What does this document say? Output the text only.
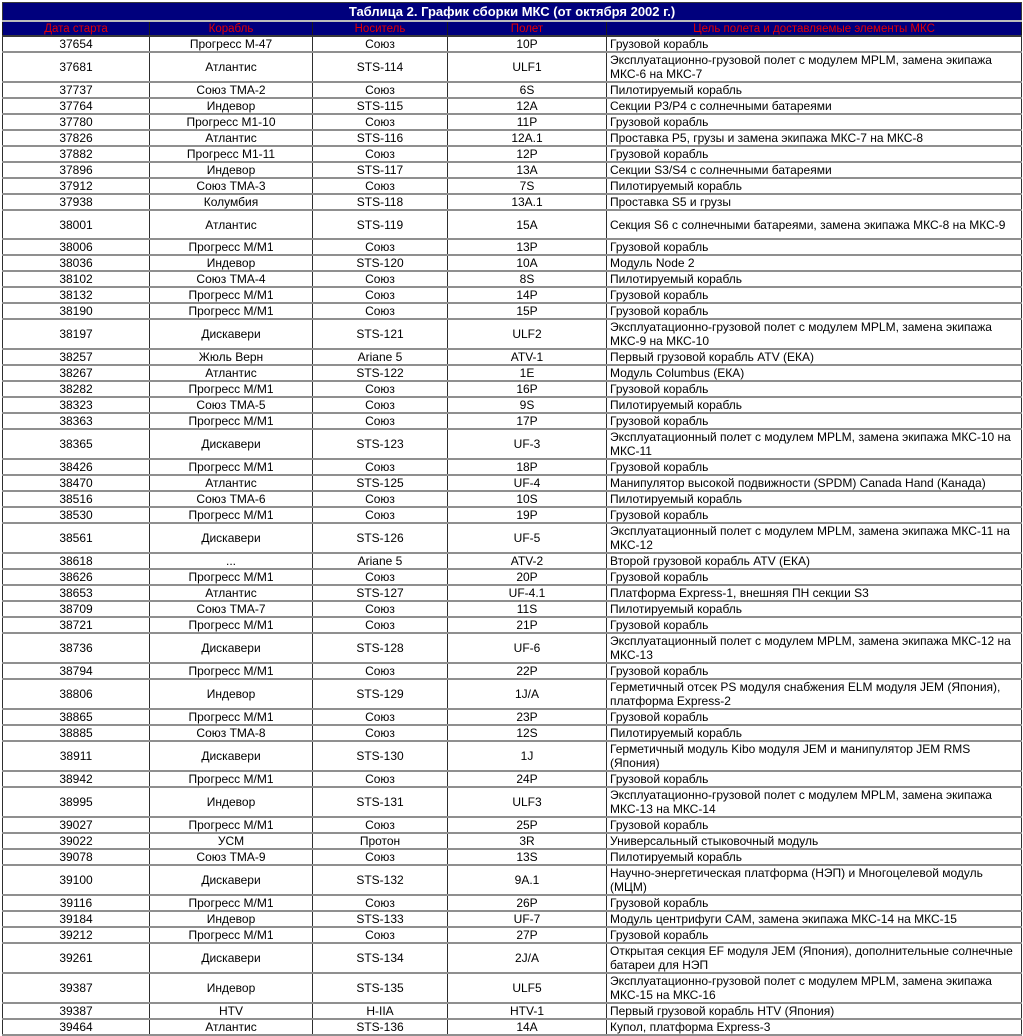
Таблица 2. График сборки МКС (от октября 2002 г.)				
Дата старта	Корабль	Носитель	Полет	Цель полета и доставляемые элементы МКС
37654	Прогресс М-47	Союз	10P	Грузовой корабль
37681	Атлантис	STS-114	ULF1	Эксплуатационно-грузовой полет с модулем MPLM, замена экипажа МКС-6 на МКС-7
37737	Союз ТМА-2	Союз	6S	Пилотируемый корабль
37764	Индевор	STS-115	12A	Секции P3/P4 с солнечными батареями
37780	Прогресс М1-10	Союз	11P	Грузовой корабль
37826	Атлантис	STS-116	12A.1	Проставка P5, грузы и замена экипажа МКС-7 на МКС-8
37882	Прогресс М1-11	Союз	12P	Грузовой корабль
37896	Индевор	STS-117	13A	Секции S3/S4 с солнечными батареями
37912	Союз ТМА-3	Союз	7S	Пилотируемый корабль
37938	Колумбия	STS-118	13A.1	Проставка S5 и грузы
38001	Атлантис	STS-119	15A	Секция S6 с солнечными батареями, замена экипажа МКС-8 на МКС-9
38006	Прогресс М/М1	Союз	13P	Грузовой корабль
38036	Индевор	STS-120	10A	Модуль Node 2
38102	Союз ТМА-4	Союз	8S	Пилотируемый корабль
38132	Прогресс М/М1	Союз	14P	Грузовой корабль
38190	Прогресс М/М1	Союз	15P	Грузовой корабль
38197	Дискавери	STS-121	ULF2	Эксплуатационно-грузовой полет с модулем MPLM, замена экипажа МКС-9 на МКС-10
38257	Жюль Верн	Ariane 5	ATV-1	Первый грузовой корабль ATV (ЕКА)
38267	Атлантис	STS-122	1E	Модуль Columbus (ЕКА)
38282	Прогресс М/М1	Союз	16P	Грузовой корабль
38323	Союз ТМА-5	Союз	9S	Пилотируемый корабль
38363	Прогресс М/М1	Союз	17P	Грузовой корабль
38365	Дискавери	STS-123	UF-3	Эксплуатационный полет с модулем MPLM, замена экипажа МКС-10 на МКС-11
38426	Прогресс М/М1	Союз	18P	Грузовой корабль
38470	Атлантис	STS-125	UF-4	Манипулятор высокой подвижности (SPDM) Canada Hand (Канада)
38516	Союз ТМА-6	Союз	10S	Пилотируемый корабль
38530	Прогресс М/М1	Союз	19P	Грузовой корабль
38561	Дискавери	STS-126	UF-5	Эксплуатационный полет с модулем MPLM, замена экипажа МКС-11 на МКС-12
38618	...	Ariane 5	ATV-2	Второй грузовой корабль ATV (ЕКА)
38626	Прогресс М/М1	Союз	20P	Грузовой корабль
38653	Атлантис	STS-127	UF-4.1	Платформа Express-1, внешняя ПН секции S3
38709	Союз ТМА-7	Союз	11S	Пилотируемый корабль
38721	Прогресс М/М1	Союз	21P	Грузовой корабль
38736	Дискавери	STS-128	UF-6	Эксплуатационный полет с модулем MPLM, замена экипажа МКС-12 на МКС-13
38794	Прогресс М/М1	Союз	22P	Грузовой корабль
38806	Индевор	STS-129	1J/A	Герметичный отсек PS модуля снабжения ELM модуля JEM (Япония), платформа Express-2
38865	Прогресс М/М1	Союз	23P	Грузовой корабль
38885	Союз ТМА-8	Союз	12S	Пилотируемый корабль
38911	Дискавери	STS-130	1J	Герметичный модуль Kibo модуля JEM и манипулятор JEM RMS (Япония)
38942	Прогресс М/М1	Союз	24P	Грузовой корабль
38995	Индевор	STS-131	ULF3	Эксплуатационно-грузовой полет с модулем MPLM, замена экипажа МКС-13 на МКС-14
39027	Прогресс М/М1	Союз	25P	Грузовой корабль
39022	УСМ	Протон	3R	Универсальный стыковочный модуль
39078	Союз ТМА-9	Союз	13S	Пилотируемый корабль
39100	Дискавери	STS-132	9A.1	Научно-энергетическая платформа (НЭП) и Многоцелевой модуль (МЦМ)
39116	Прогресс М/М1	Союз	26P	Грузовой корабль
39184	Индевор	STS-133	UF-7	Модуль центрифуги CAM, замена экипажа МКС-14 на МКС-15
39212	Прогресс М/М1	Союз	27P	Грузовой корабль
39261	Дискавери	STS-134	2J/A	Открытая секция EF модуля JEM (Япония), дополнительные солнечные батареи для НЭП
39387	Индевор	STS-135	ULF5	Эксплуатационно-грузовой полет с модулем MPLM, замена экипажа МКС-15 на МКС-16
39387	HTV	H-IIA	HTV-1	Первый грузовой корабль HTV (Япония)
39464	Атлантис	STS-136	14A	Купол, платформа Express-3
